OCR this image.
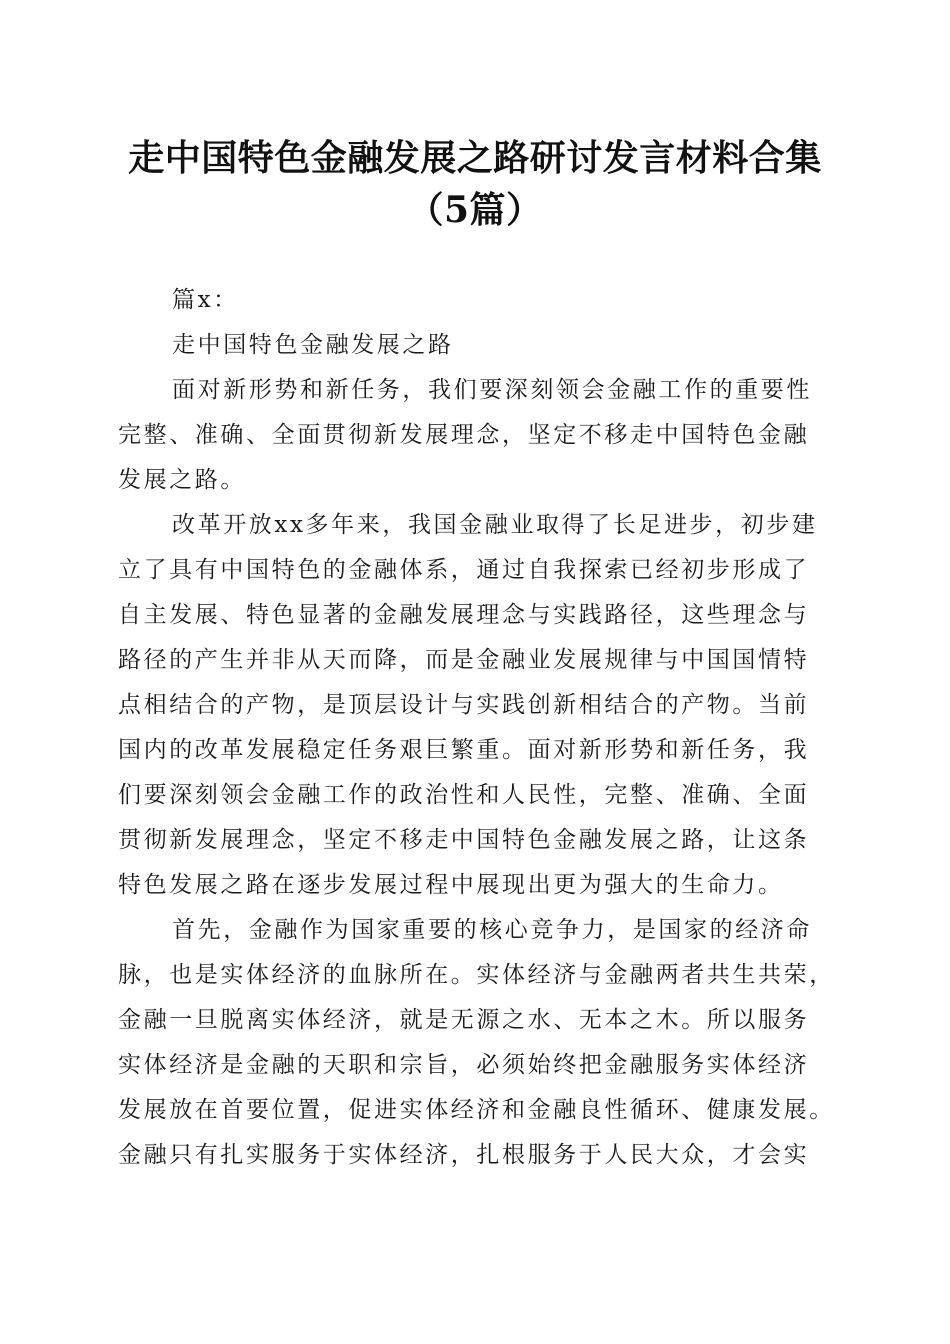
走中国特色金融发展之路研讨发言材料合集
（5篇）
篇x：
走中国特色金融发展之路
面对新形势和新任务，我们要深刻领会金融工作的重要性
完整、准确、全面贯彻新发展理念，坚定不移走中国特色金融
发展之路。
改革开放xx多年来，我国金融业取得了长足进步，初步建
立了具有中国特色的金融体系，通过自我探索已经初步形成了
自主发展、特色显著的金融发展理念与实践路径，这些理念与
路径的产生并非从天而降，而是金融业发展规律与中国国情特
点相结合的产物，是顶层设计与实践创新相结合的产物。当前
国内的改革发展稳定任务艰巨繁重。面对新形势和新任务，我
们要深刻领会金融工作的政治性和人民性，完整、准确、全面
贯彻新发展理念，坚定不移走中国特色金融发展之路，让这条
特色发展之路在逐步发展过程中展现出更为强大的生命力。
首先，金融作为国家重要的核心竞争力，是国家的经济命
脉，也是实体经济的血脉所在。实体经济与金融两者共生共荣，
金融一旦脱离实体经济，就是无源之水、无本之木。所以服务
实体经济是金融的天职和宗旨，必须始终把金融服务实体经济
发展放在首要位置，促进实体经济和金融良性循环、健康发展。
金融只有扎实服务于实体经济，扎根服务于人民大众，才会实
